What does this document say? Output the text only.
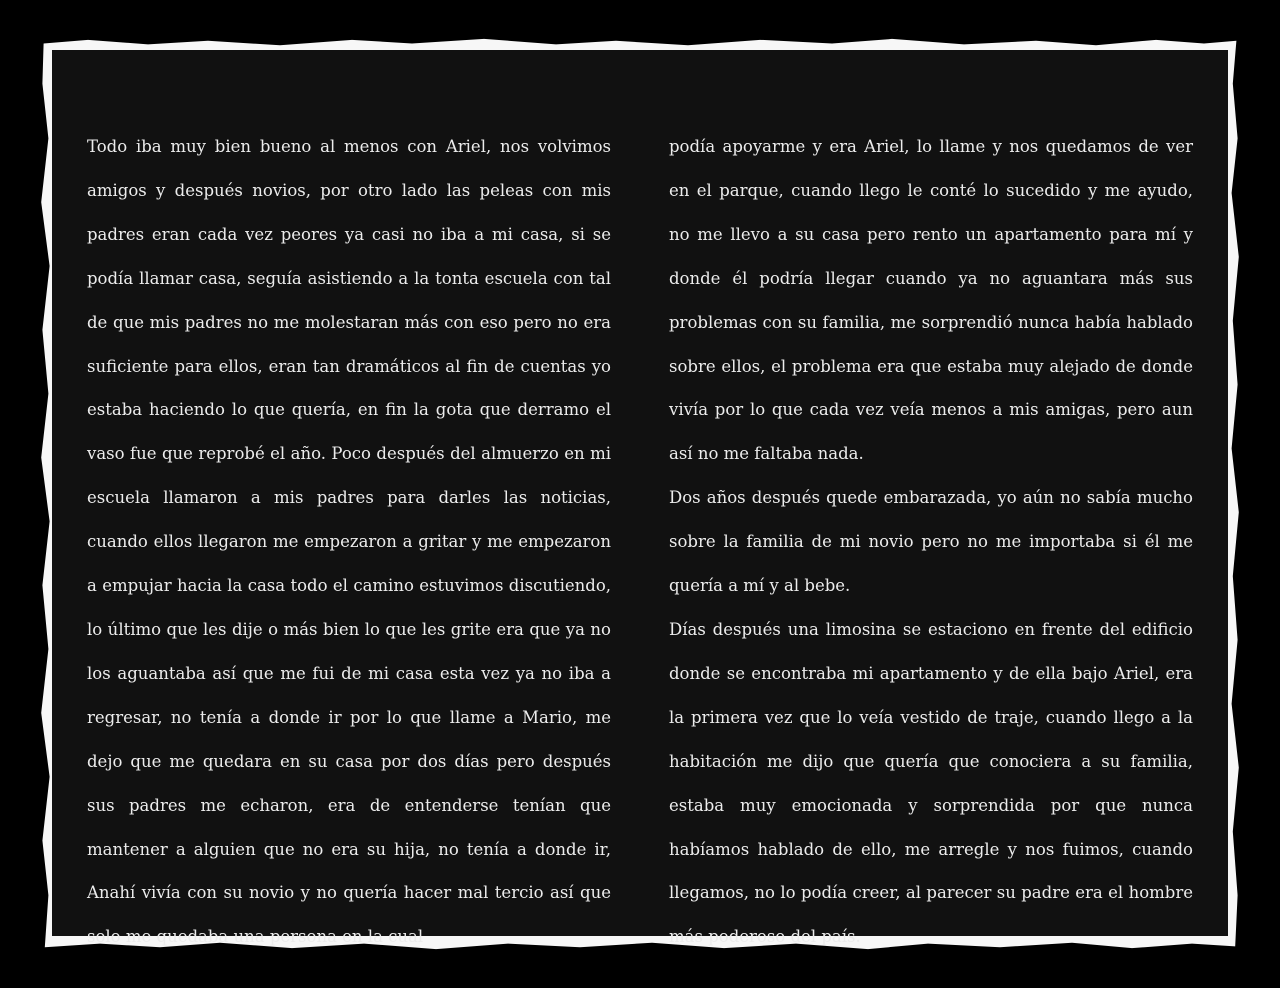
Todo iba muy bien bueno al menos con Ariel, nos volvimos amigos y después novios, por otro lado las peleas con mis padres eran cada vez peores ya casi no iba a mi casa, si se podía llamar casa, seguía asistiendo a la tonta escuela con tal de que mis padres no me molestaran más con eso pero no era suficiente para ellos, eran tan dramáticos al fin de cuentas yo estaba haciendo lo que quería, en fin la gota que derramo el vaso fue que reprobé el año. Poco después del almuerzo en mi escuela llamaron a mis padres para darles las noticias, cuando ellos llegaron me empezaron a gritar y me empezaron a empujar hacia la casa todo el camino estuvimos discutiendo, lo último que les dije o más bien lo que les grite era que ya no los aguantaba así que me fui de mi casa esta vez ya no iba a regresar, no tenía a donde ir por lo que llame a Mario, me dejo que me quedara en su casa por dos días pero después sus padres me echaron, era de entenderse tenían que mantener a alguien que no era su hija, no tenía a donde ir, Anahí vivía con su novio y no quería hacer mal tercio así que solo me quedaba una persona en la cual

podía apoyarme y era Ariel, lo llame y nos quedamos de ver en el parque, cuando llego le conté lo sucedido y me ayudo, no me llevo a su casa pero rento un apartamento para mí y donde él podría llegar cuando ya no aguantara más sus problemas con su familia, me sorprendió nunca había hablado sobre ellos, el problema era que estaba muy alejado de donde vivía por lo que cada vez veía menos a mis amigas, pero aun así no me faltaba nada.

Dos años después quede embarazada, yo aún no sabía mucho sobre la familia de mi novio pero no me importaba si él me quería a mí y al bebe.

Días después una limosina se estaciono en frente del edificio donde se encontraba mi apartamento y de ella bajo Ariel, era la primera vez que lo veía vestido de traje, cuando llego a la habitación me dijo que quería que conociera a su familia, estaba muy emocionada y sorprendida por que nunca habíamos hablado de ello, me arregle y nos fuimos, cuando llegamos, no lo podía creer, al parecer su padre era el hombre más poderoso del país.
